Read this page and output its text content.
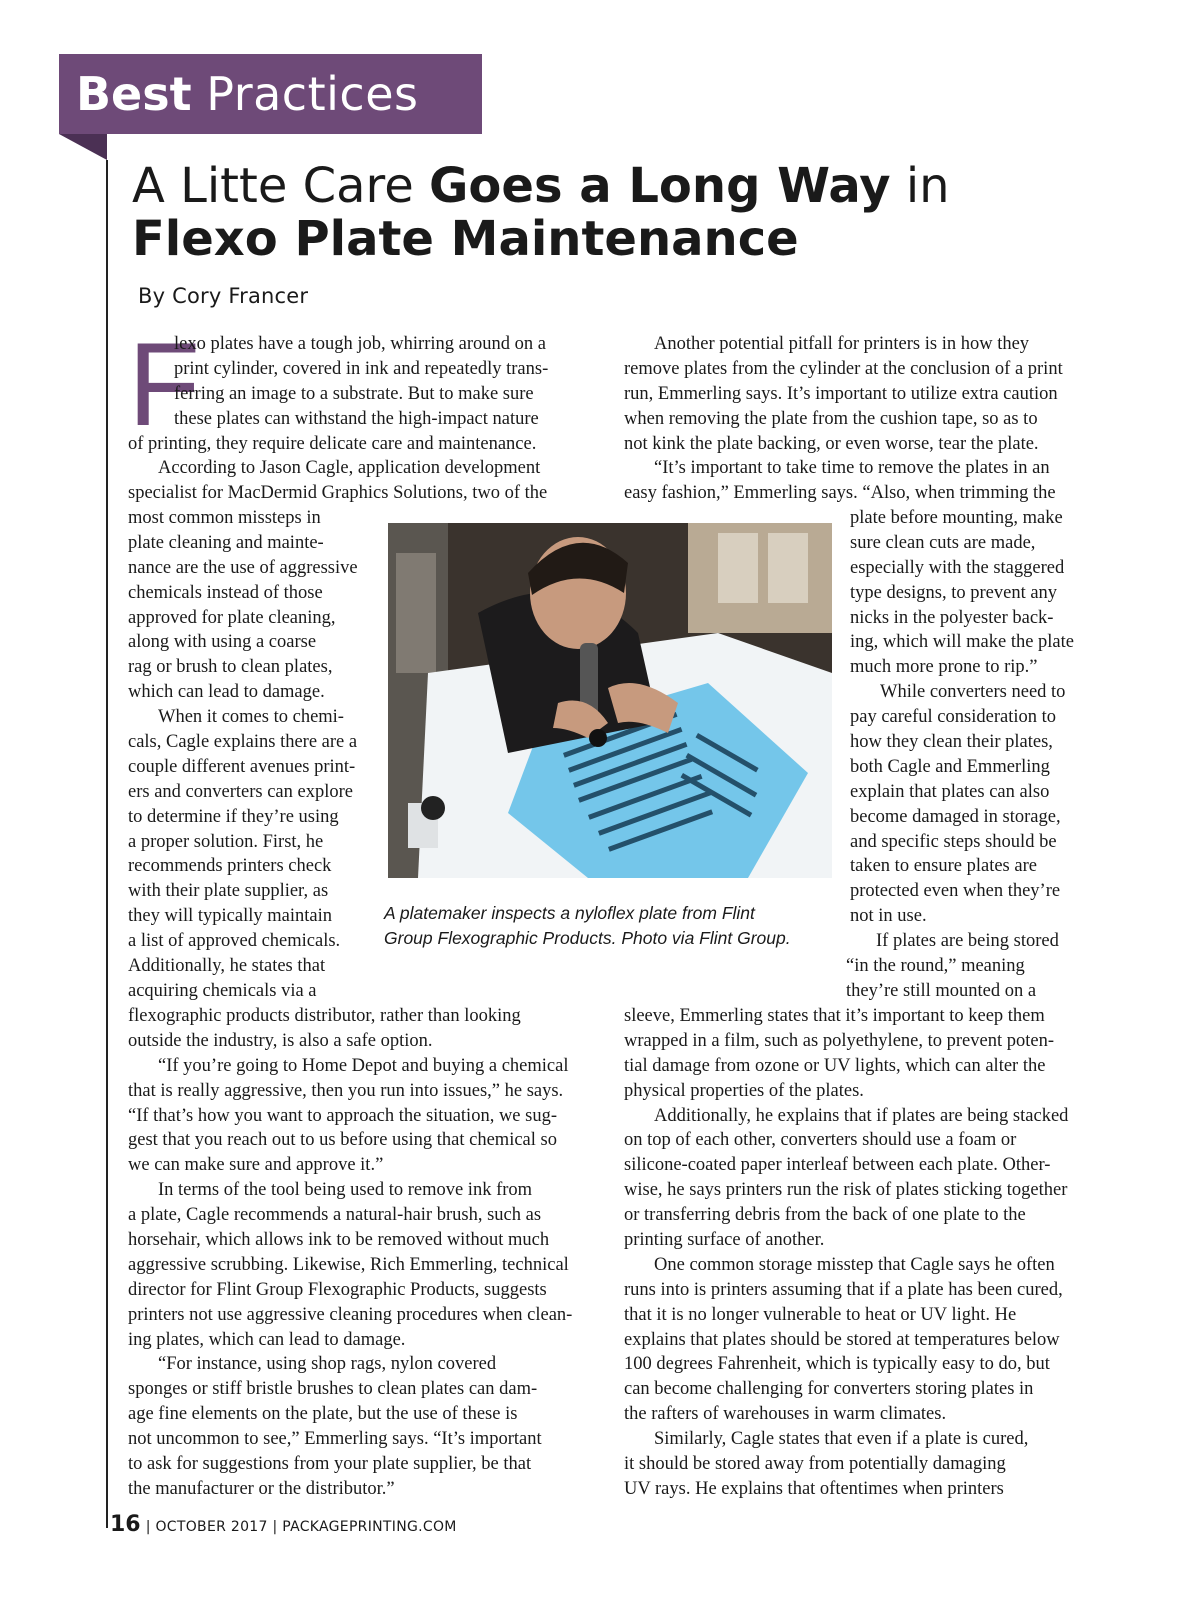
Best Practices
A Litte Care Goes a Long Way in
Flexo Plate Maintenance
By Cory Francer
F
lexo plates have a tough job, whirring around on a
print cylinder, covered in ink and repeatedly trans-
ferring an image to a substrate. But to make sure
these plates can withstand the high-impact nature
of printing, they require delicate care and maintenance.
According to Jason Cagle, application development
specialist for MacDermid Graphics Solutions, two of the
most common missteps in
plate cleaning and mainte-
nance are the use of aggressive
chemicals instead of those
approved for plate cleaning,
along with using a coarse
rag or brush to clean plates,
which can lead to damage.
When it comes to chemi-
cals, Cagle explains there are a
couple different avenues print-
ers and converters can explore
to determine if they’re using
a proper solution. First, he
recommends printers check
with their plate supplier, as
they will typically maintain
a list of approved chemicals.
Additionally, he states that
acquiring chemicals via a
flexographic products distributor, rather than looking
outside the industry, is also a safe option.
“If you’re going to Home Depot and buying a chemical
that is really aggressive, then you run into issues,” he says.
“If that’s how you want to approach the situation, we sug-
gest that you reach out to us before using that chemical so
we can make sure and approve it.”
In terms of the tool being used to remove ink from
a plate, Cagle recommends a natural-hair brush, such as
horsehair, which allows ink to be removed without much
aggressive scrubbing. Likewise, Rich Emmerling, technical
director for Flint Group Flexographic Products, suggests
printers not use aggressive cleaning procedures when clean-
ing plates, which can lead to damage.
“For instance, using shop rags, nylon covered
sponges or stiff bristle brushes to clean plates can dam-
age fine elements on the plate, but the use of these is
not uncommon to see,” Emmerling says. “It’s important
to ask for suggestions from your plate supplier, be that
the manufacturer or the distributor.”
Another potential pitfall for printers is in how they
remove plates from the cylinder at the conclusion of a print
run, Emmerling says. It’s important to utilize extra caution
when removing the plate from the cushion tape, so as to
not kink the plate backing, or even worse, tear the plate.
“It’s important to take time to remove the plates in an
easy fashion,” Emmerling says. “Also, when trimming the
plate before mounting, make
sure clean cuts are made,
especially with the staggered
type designs, to prevent any
nicks in the polyester back-
ing, which will make the plate
much more prone to rip.”
While converters need to
pay careful consideration to
how they clean their plates,
both Cagle and Emmerling
explain that plates can also
become damaged in storage,
and specific steps should be
taken to ensure plates are
protected even when they’re
not in use.
If plates are being stored
“in the round,” meaning
they’re still mounted on a
sleeve, Emmerling states that it’s important to keep them
wrapped in a film, such as polyethylene, to prevent poten-
tial damage from ozone or UV lights, which can alter the
physical properties of the plates.
Additionally, he explains that if plates are being stacked
on top of each other, converters should use a foam or
silicone-coated paper interleaf between each plate. Other-
wise, he says printers run the risk of plates sticking together
or transferring debris from the back of one plate to the
printing surface of another.
One common storage misstep that Cagle says he often
runs into is printers assuming that if a plate has been cured,
that it is no longer vulnerable to heat or UV light. He
explains that plates should be stored at temperatures below
100 degrees Fahrenheit, which is typically easy to do, but
can become challenging for converters storing plates in
the rafters of warehouses in warm climates.
Similarly, Cagle states that even if a plate is cured,
it should be stored away from potentially damaging
UV rays. He explains that oftentimes when printers
A platemaker inspects a nyloflex plate from Flint
Group Flexographic Products. Photo via Flint Group.
16 | OCTOBER 2017 | PACKAGEPRINTING.COM
